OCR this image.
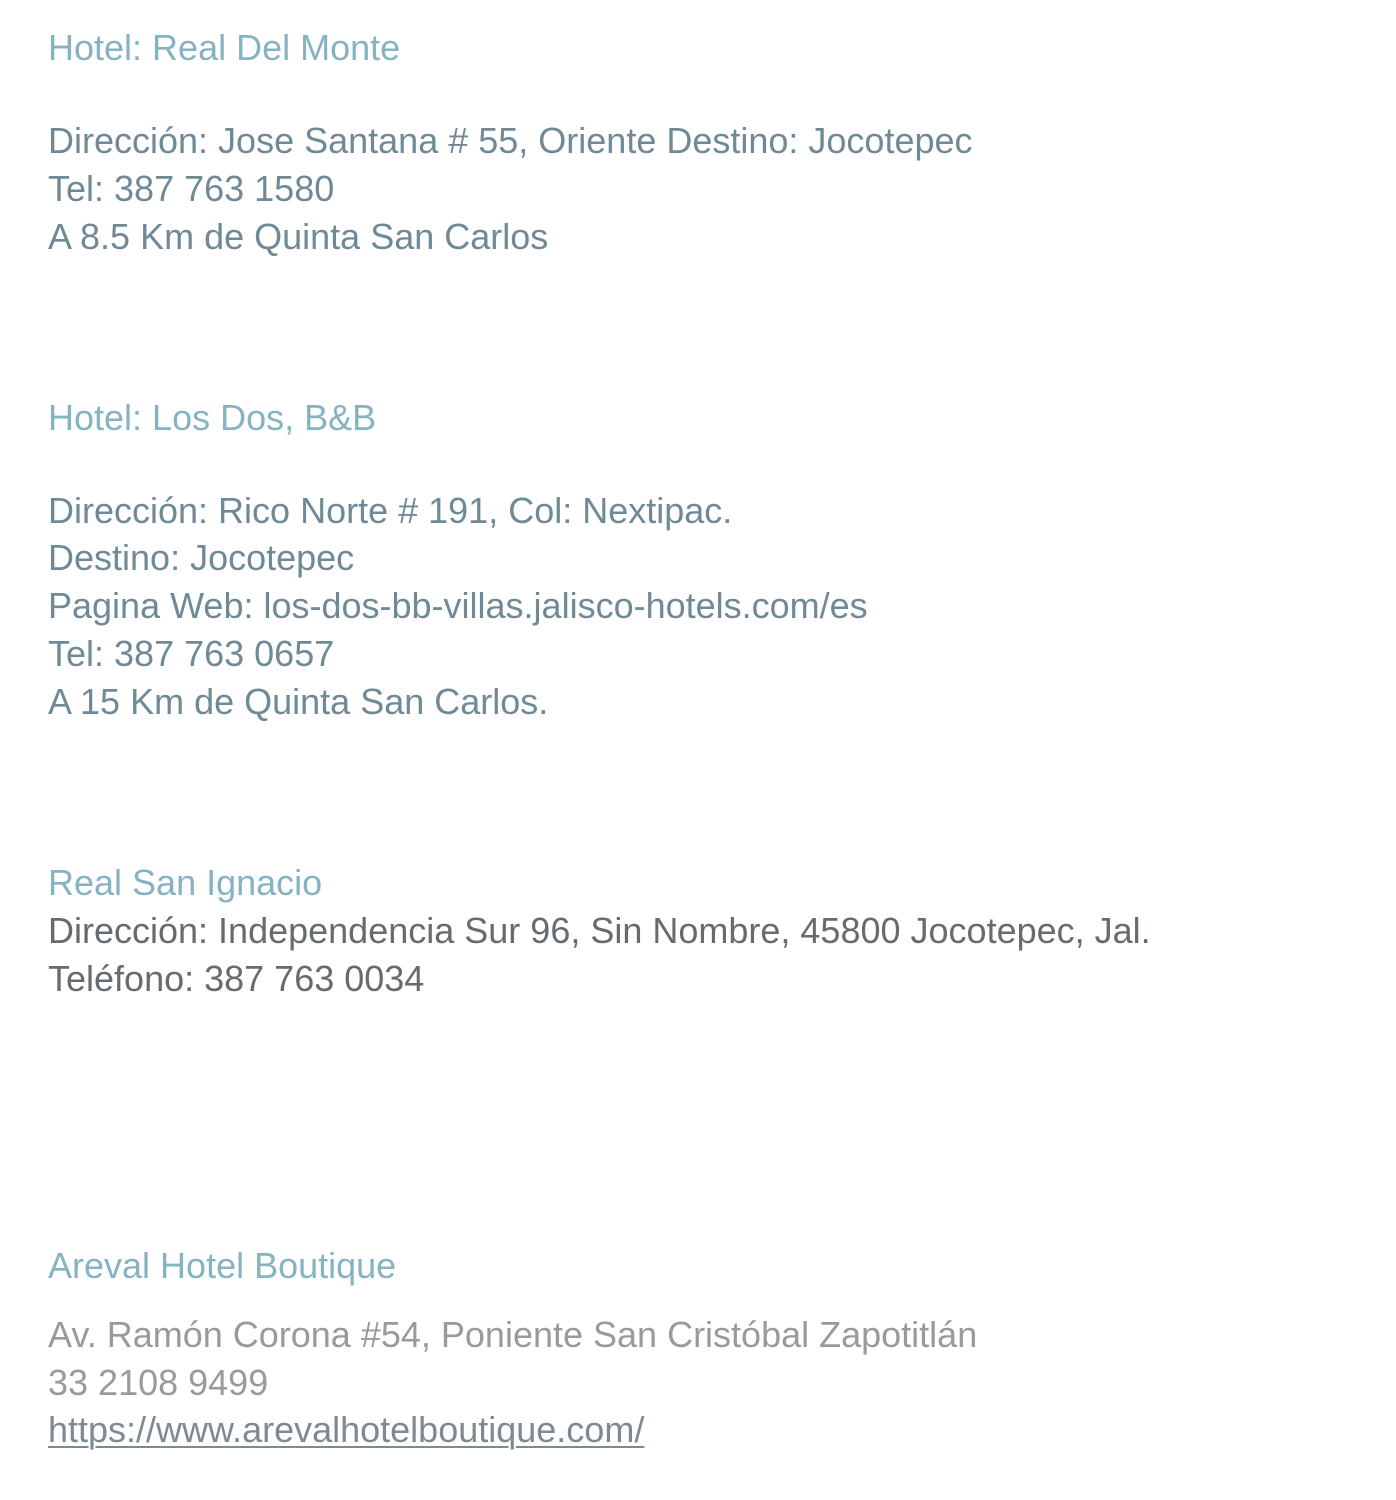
Hotel: Real Del Monte

Dirección: Jose Santana # 55, Oriente Destino: Jocotepec

Tel: 387 763 1580

A 8.5 Km de Quinta San Carlos

Hotel: Los Dos, B&B

Dirección: Rico Norte # 191, Col: Nextipac.

Destino: Jocotepec

Pagina Web: los-dos-bb-villas.jalisco-hotels.com/es

Tel: 387 763 0657

A 15 Km de Quinta San Carlos.

Real San Ignacio

Dirección: Independencia Sur 96, Sin Nombre, 45800 Jocotepec, Jal.

Teléfono: 387 763 0034

Areval Hotel Boutique

Av. Ramón Corona #54, Poniente San Cristóbal Zapotitlán

33 2108 9499

https://www.arevalhotelboutique.com/
